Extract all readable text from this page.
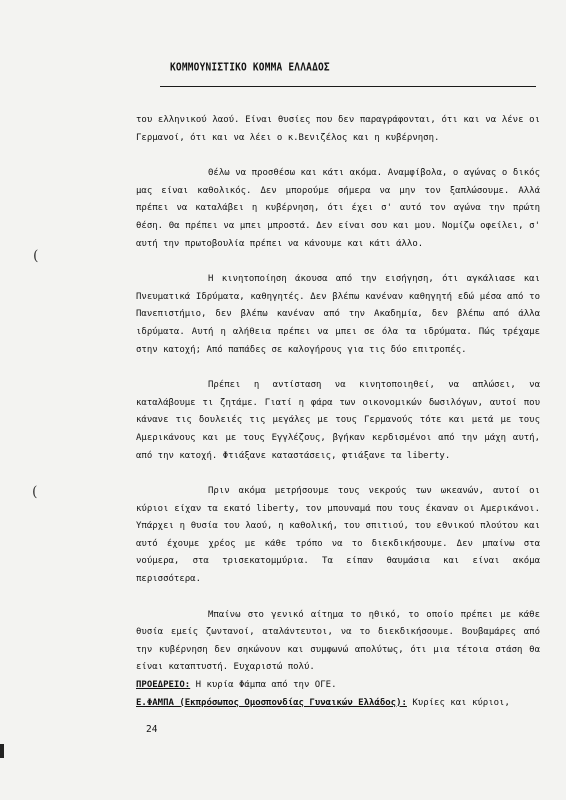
ΚΟΜΜΟΥΝΙΣΤΙΚΟ ΚΟΜΜΑ ΕΛΛΑΔΟΣ
(
(

του ελληνικού λαού. Είναι θυσίες που δεν παραγράφονται, ότι και να λένε οι Γερμανοί, ότι και να λέει ο κ.Βενιζέλος και η κυβέρνηση.

Θέλω να προσθέσω και κάτι ακόμα. Αναμφίβολα, ο αγώνας ο δικός μας είναι καθολικός. Δεν μπορούμε σήμερα να μην τον ξαπλώσουμε. Αλλά πρέπει να καταλάβει η κυβέρνηση, ότι έχει σ' αυτό τον αγώνα την πρώτη θέση. Θα πρέπει να μπει μπροστά. Δεν είναι σου και μου. Νομίζω οφείλει, σ' αυτή την πρωτοβουλία πρέπει να κάνουμε και κάτι άλλο.

Η κινητοποίηση άκουσα από την εισήγηση, ότι αγκάλιασε και Πνευματικά Ιδρύματα, καθηγητές. Δεν βλέπω κανέναν καθηγητή εδώ μέσα από το Πανεπιστήμιο, δεν βλέπω κανέναν από την Ακαδημία, δεν βλέπω από άλλα ιδρύματα. Αυτή η αλήθεια πρέπει να μπει σε όλα τα ιδρύματα. Πώς τρέχαμε στην κατοχή; Από παπάδες σε καλογήρους για τις δύο επιτροπές.

Πρέπει η αντίσταση να κινητοποιηθεί, να απλώσει, να καταλάβουμε τι ζητάμε. Γιατί η φάρα των οικονομικών δωσιλόγων, αυτοί που κάνανε τις δουλειές τις μεγάλες με τους Γερμανούς τότε και μετά με τους Αμερικάνους και με τους Εγγλέζους, βγήκαν κερδισμένοι από την μάχη αυτή, από την κατοχή. Φτιάξανε καταστάσεις, φτιάξανε τα liberty.

Πριν ακόμα μετρήσουμε τους νεκρούς των ωκεανών, αυτοί οι κύριοι είχαν τα εκατό liberty, τον μπουναμά που τους έκαναν οι Αμερικάνοι. Υπάρχει η θυσία του λαού, η καθολική, του σπιτιού, του εθνικού πλούτου και αυτό έχουμε χρέος με κάθε τρόπο να το διεκδικήσουμε. Δεν μπαίνω στα νούμερα, στα τρισεκατομμύρια. Τα είπαν θαυμάσια και είναι ακόμα περισσότερα.

Μπαίνω στο γενικό αίτημα το ηθικό, το οποίο πρέπει με κάθε θυσία εμείς ζωντανοί, αταλάντευτοι, να το διεκδικήσουμε. Βουβαμάρες από την κυβέρνηση δεν σηκώνουν και συμφωνώ απολύτως, ότι μια τέτοια στάση θα είναι καταπτυστή. Ευχαριστώ πολύ.

ΠΡΟΕΔΡΕΙΟ: Η κυρία Φάμπα από την ΟΓΕ.

Ε.ΦΑΜΠΑ (Εκπρόσωπος Ομοσπονδίας Γυναικών Ελλάδος): Κυρίες και κύριοι,

24
